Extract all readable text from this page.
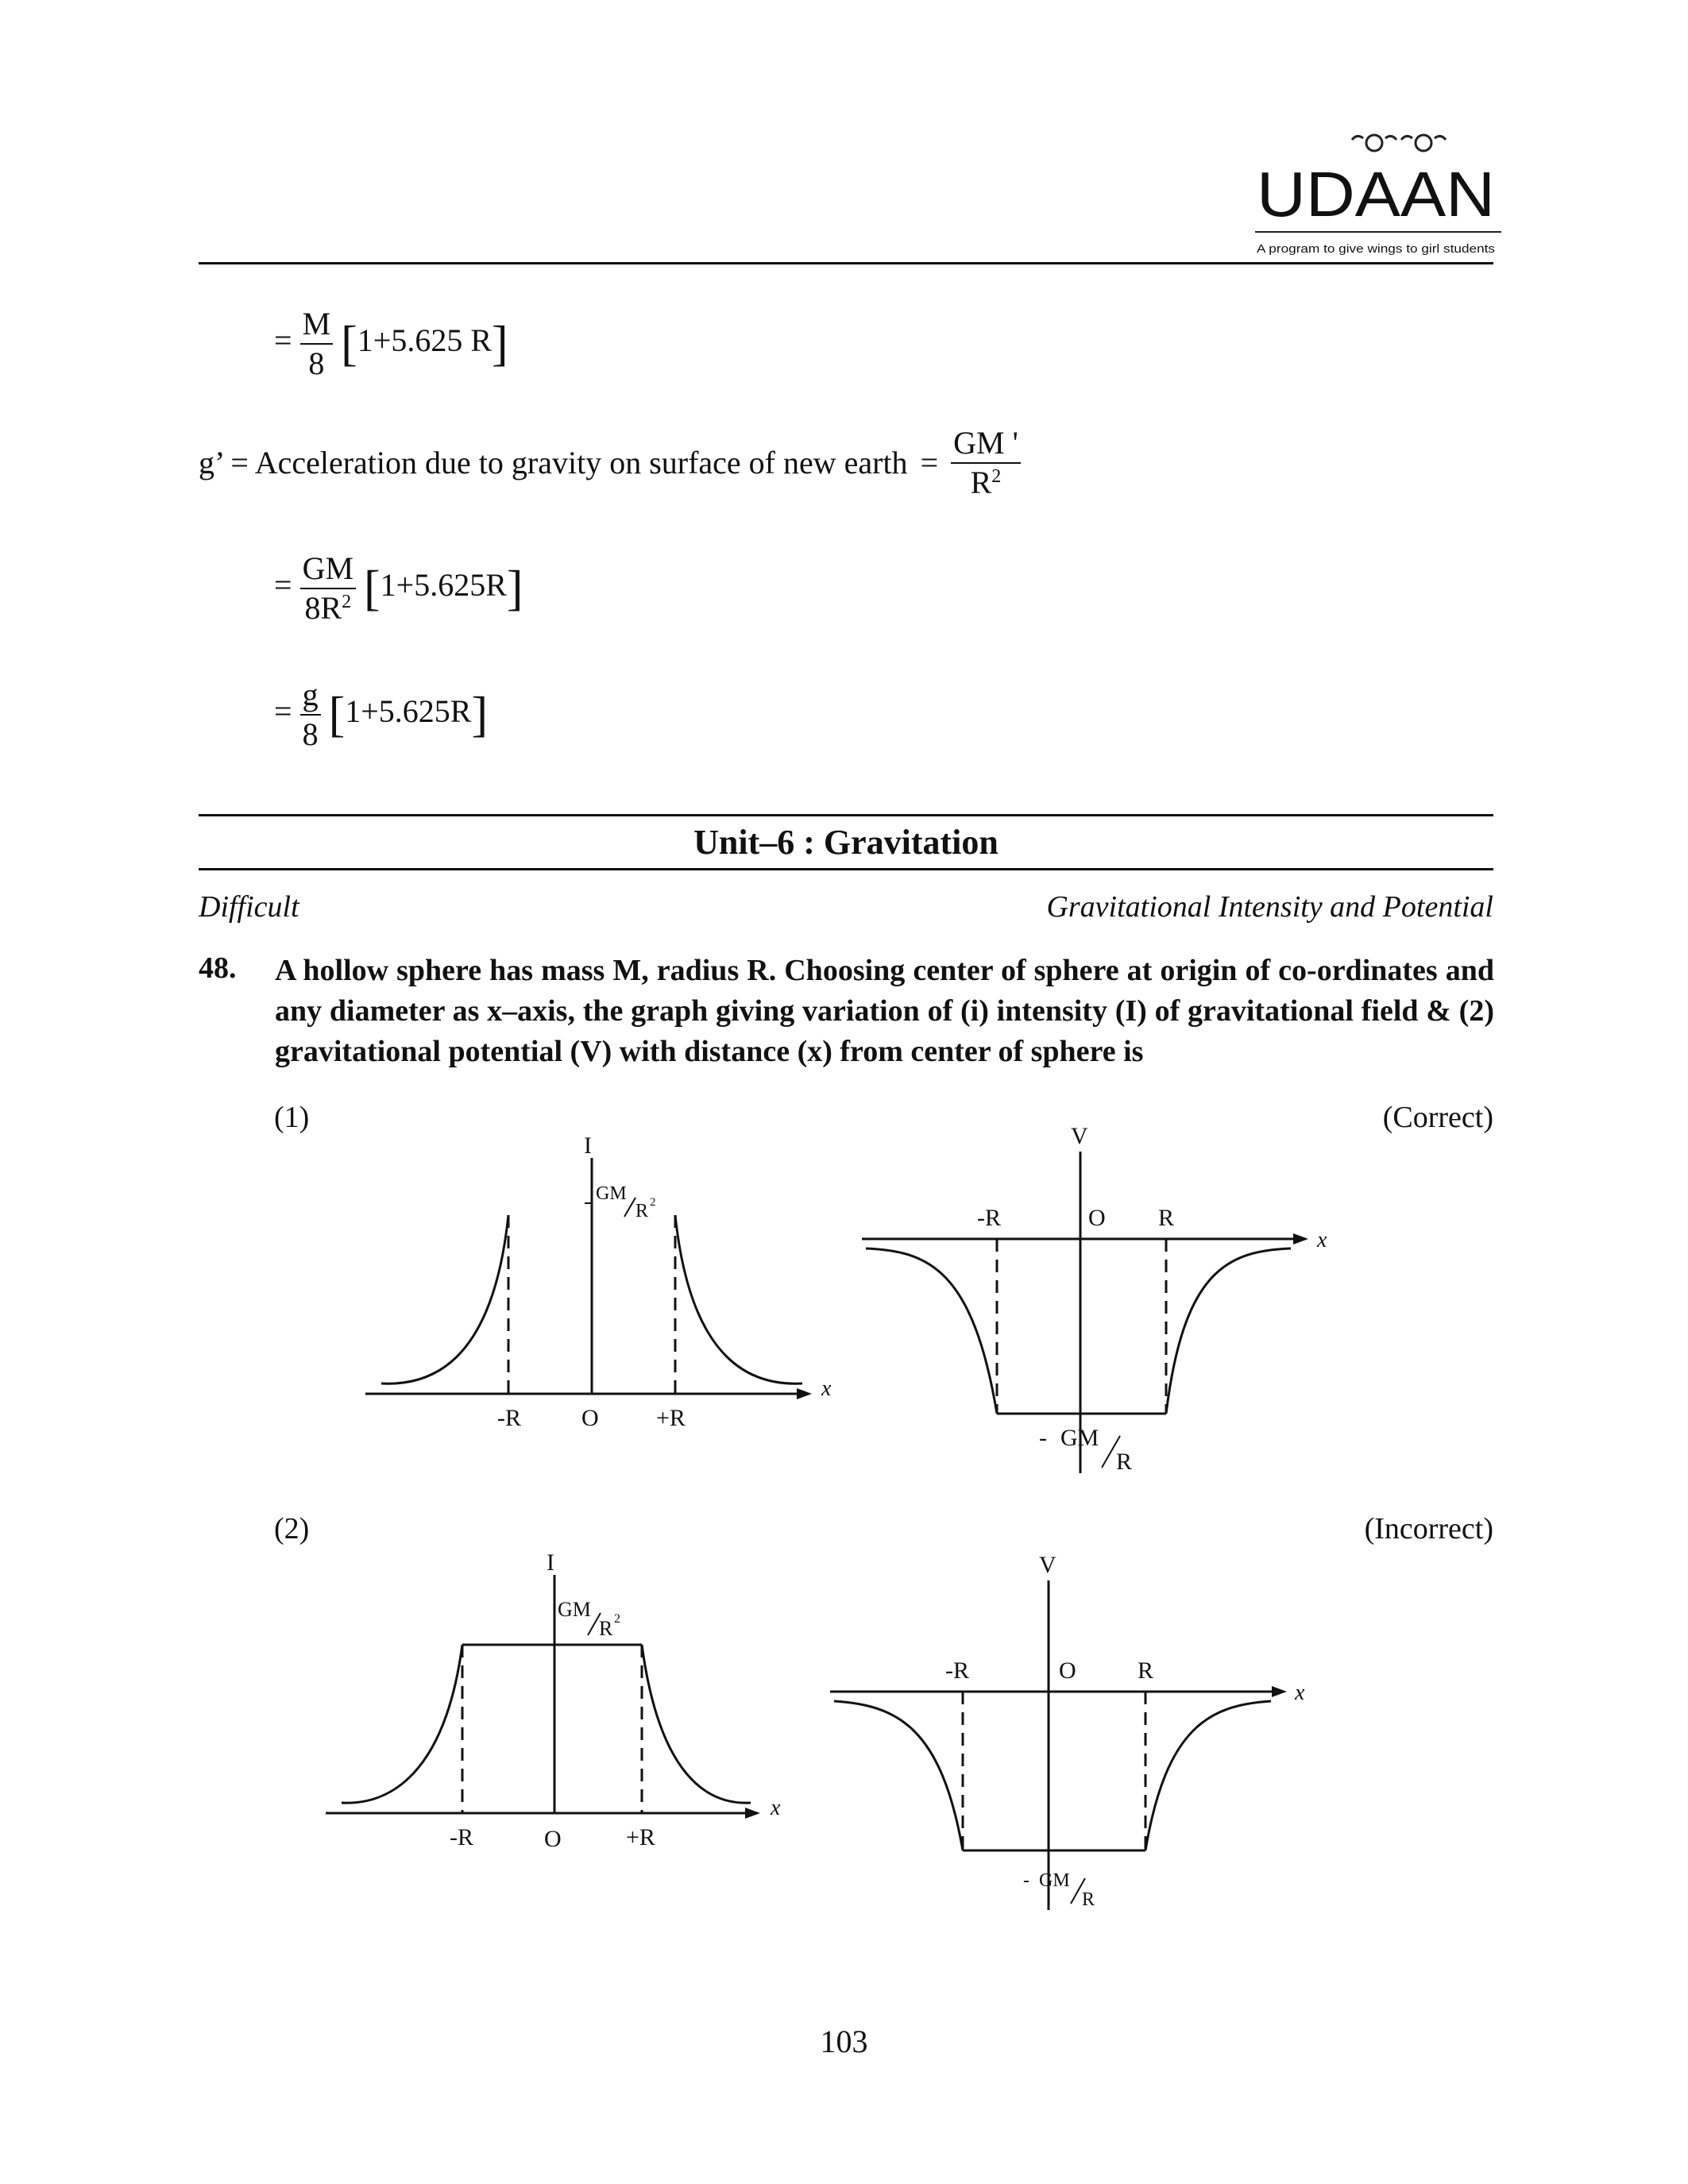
UDAAN
A program to give wings to girl students
= $\frac{M}{8} [1+5.625$ R]
g’ = Acceleration due to gravity on surface of new earth = $\frac{GM '}{R^2}$
= $\frac{GM}{8R^2} [1+5.625R]$
= $\frac{g}{8} [1+5.625R]$
Unit–6 : Gravitation
Difficult	Gravitational Intensity and Potential
48. A hollow sphere has mass M, radius R. Choosing center of sphere at origin of co-ordinates and any diameter as x–axis, the graph giving variation of (i) intensity (I) of gravitational field & (2) gravitational potential (V) with distance (x) from center of sphere is
(1)	(Correct)
I
x
GM
R 2
-R	O +R
V
x
-R	O R
- GM
R
(2)	(Incorrect)
I
x
GM
R 2
-R	O	+R
V
x
-R	O	R
- GM
R
103
